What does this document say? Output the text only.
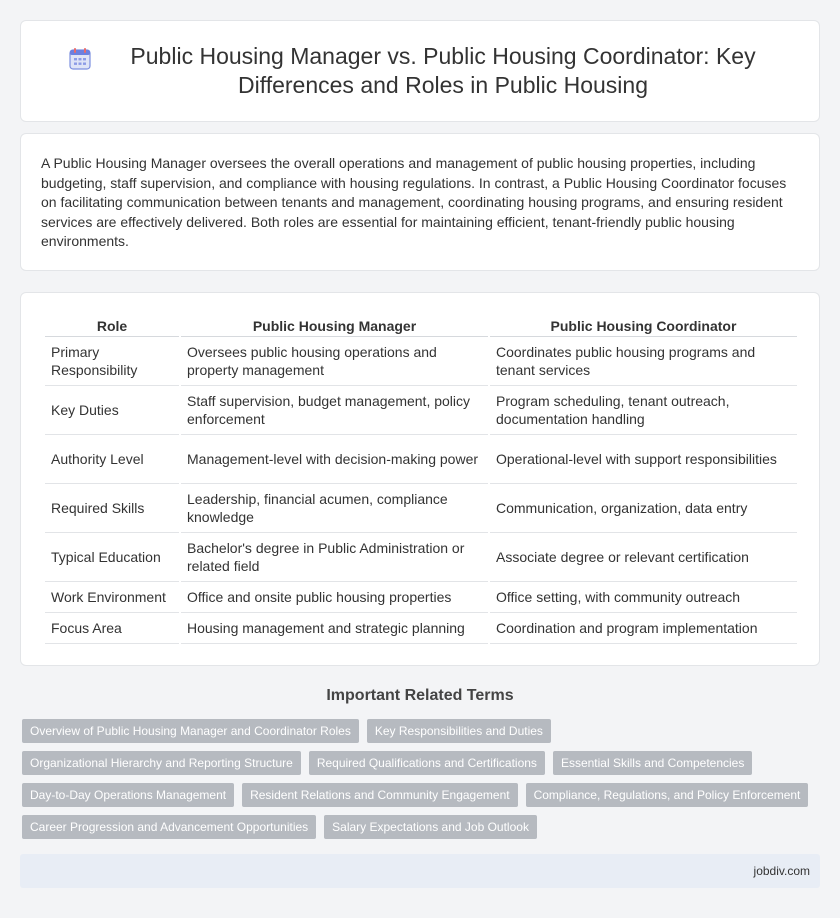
Public Housing Manager vs. Public Housing Coordinator: Key Differences and Roles in Public Housing

A Public Housing Manager oversees the overall operations and management of public housing properties, including budgeting, staff supervision, and compliance with housing regulations. In contrast, a Public Housing Coordinator focuses on facilitating communication between tenants and management, coordinating housing programs, and ensuring resident services are effectively delivered. Both roles are essential for maintaining efficient, tenant-friendly public housing environments.

Role	Public Housing Manager	Public Housing Coordinator
Primary Responsibility	Oversees public housing operations and property management	Coordinates public housing programs and tenant services
Key Duties	Staff supervision, budget management, policy enforcement	Program scheduling, tenant outreach, documentation handling
Authority Level	Management-level with decision-making power	Operational-level with support responsibilities
Required Skills	Leadership, financial acumen, compliance knowledge	Communication, organization, data entry
Typical Education	Bachelor's degree in Public Administration or related field	Associate degree or relevant certification
Work Environment	Office and onsite public housing properties	Office setting, with community outreach
Focus Area	Housing management and strategic planning	Coordination and program implementation
Important Related Terms
Overview of Public Housing Manager and Coordinator Roles	Key Responsibilities and Duties
Organizational Hierarchy and Reporting Structure	Required Qualifications and Certifications	Essential Skills and Competencies
Day-to-Day Operations Management	Resident Relations and Community Engagement	Compliance, Regulations, and Policy Enforcement
Career Progression and Advancement Opportunities	Salary Expectations and Job Outlook
jobdiv.com
